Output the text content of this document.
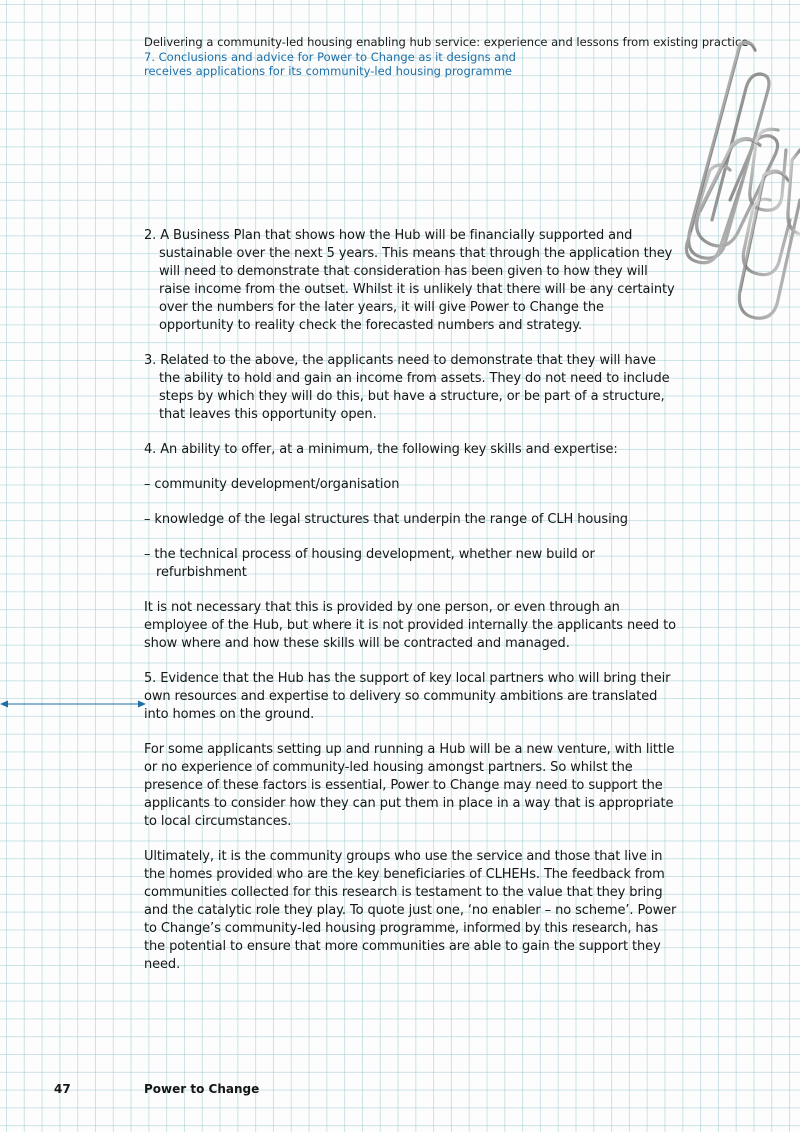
Delivering a community-led housing enabling hub service: experience and lessons from existing practice
7. Conclusions and advice for Power to Change as it designs and receives applications for its community-led housing programme

2. A Business Plan that shows how the Hub will be financially supported and sustainable over the next 5 years. This means that through the application they will need to demonstrate that consideration has been given to how they will raise income from the outset. Whilst it is unlikely that there will be any certainty over the numbers for the later years, it will give Power to Change the opportunity to reality check the forecasted numbers and strategy.

3. Related to the above, the applicants need to demonstrate that they will have the ability to hold and gain an income from assets. They do not need to include steps by which they will do this, but have a structure, or be part of a structure, that leaves this opportunity open.

4. An ability to offer, at a minimum, the following key skills and expertise:

– community development/organisation

– knowledge of the legal structures that underpin the range of CLH housing

– the technical process of housing development, whether new build or refurbishment

It is not necessary that this is provided by one person, or even through an employee of the Hub, but where it is not provided internally the applicants need to show where and how these skills will be contracted and managed.

5. Evidence that the Hub has the support of key local partners who will bring their own resources and expertise to delivery so community ambitions are translated into homes on the ground.

For some applicants setting up and running a Hub will be a new venture, with little or no experience of community-led housing amongst partners. So whilst the presence of these factors is essential, Power to Change may need to support the applicants to consider how they can put them in place in a way that is appropriate to local circumstances.

Ultimately, it is the community groups who use the service and those that live in the homes provided who are the key beneficiaries of CLHEHs. The feedback from communities collected for this research is testament to the value that they bring and the catalytic role they play. To quote just one, ‘no enabler – no scheme’. Power to Change’s community-led housing programme, informed by this research, has the potential to ensure that more communities are able to gain the support they need.

47	Power to Change
